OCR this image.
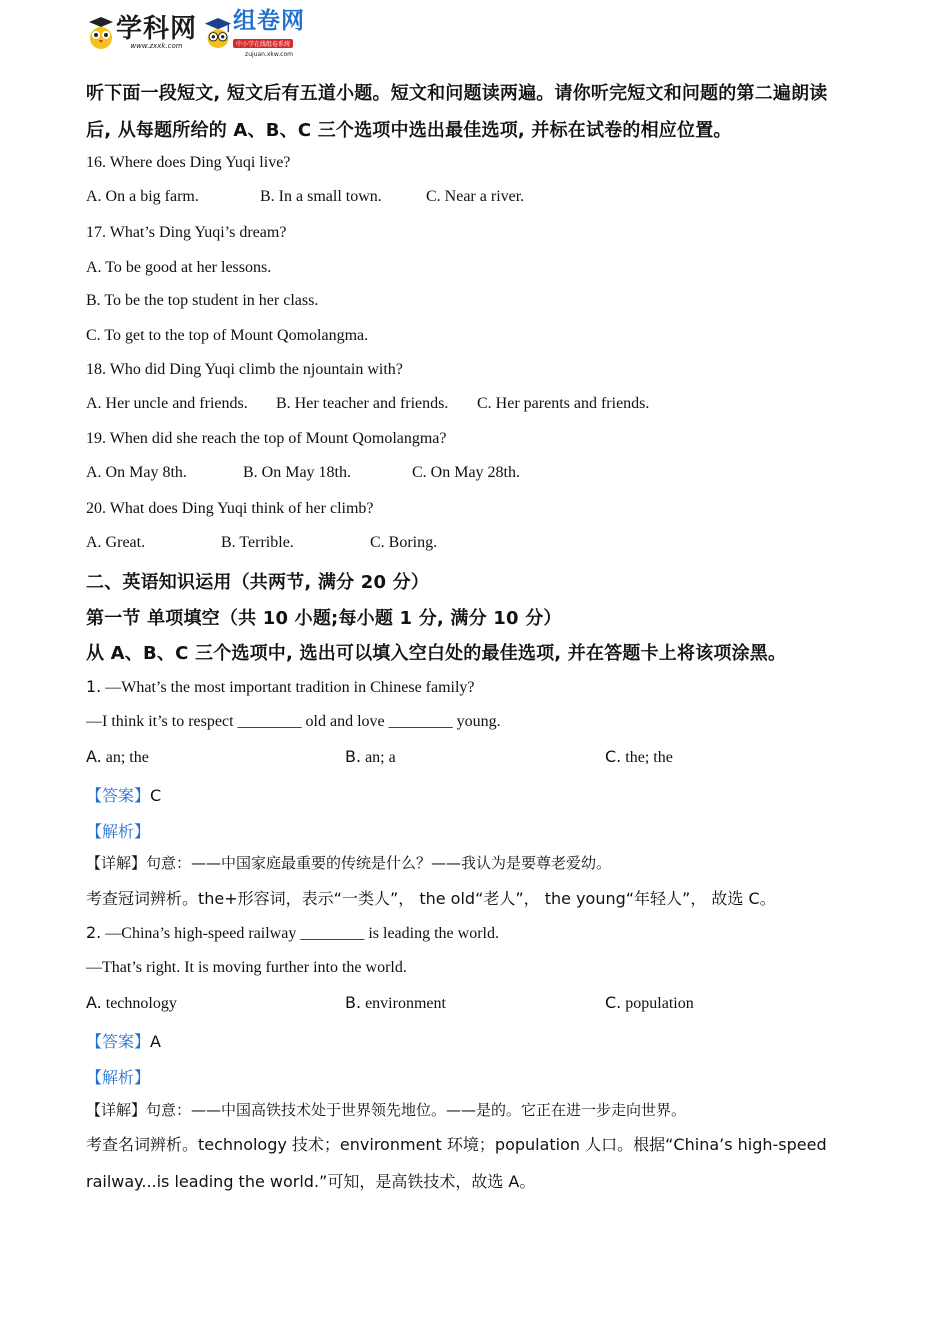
学科网
www.zxxk.com
组卷网
中小学在线组卷系统
zujuan.xkw.com
听下面一段短文, 短文后有五道小题。短文和问题读两遍。请你听完短文和问题的第二遍朗读
后, 从每题所给的 A、B、C 三个选项中选出最佳选项, 并标在试卷的相应位置。
16. Where does Ding Yuqi live?
A. On a big farm.	B. In a small town.	C. Near a river.
17. What’s Ding Yuqi’s dream?
A. To be good at her lessons.
B. To be the top student in her class.
C. To get to the top of Mount Qomolangma.
18. Who did Ding Yuqi climb the njountain with?
A. Her uncle and friends. B. Her teacher and friends. C. Her parents and friends.
19. When did she reach the top of Mount Qomolangma?
A. On May 8th.	B. On May 18th.	C. On May 28th.
20. What does Ding Yuqi think of her climb?
A. Great.	B. Terrible.	C. Boring.
二、英语知识运用（共两节, 满分 20 分）
第一节 单项填空（共 10 小题;每小题 1 分, 满分 10 分）
从 A、B、C 三个选项中, 选出可以填入空白处的最佳选项, 并在答题卡上将该项涂黑。
1. —What’s the most important tradition in Chinese family?
—I think it’s to respect ________ old and love ________ young.
A. an; the	B. an; a	C. the; the
【答案】C
【解析】
【详解】句意：——中国家庭最重要的传统是什么？——我认为是要尊老爱幼。
考查冠词辨析。the+形容词，表示“一类人”， the old“老人”， the young“年轻人”， 故选 C。
2. —China’s high-speed railway ________ is leading the world.
—That’s right. It is moving further into the world.
A. technology	B. environment	C. population
【答案】A
【解析】
【详解】句意：——中国高铁技术处于世界领先地位。——是的。它正在进一步走向世界。
考查名词辨析。technology 技术；environment 环境；population 人口。根据“China’s high-speed
railway...is leading the world.”可知，是高铁技术，故选 A。
